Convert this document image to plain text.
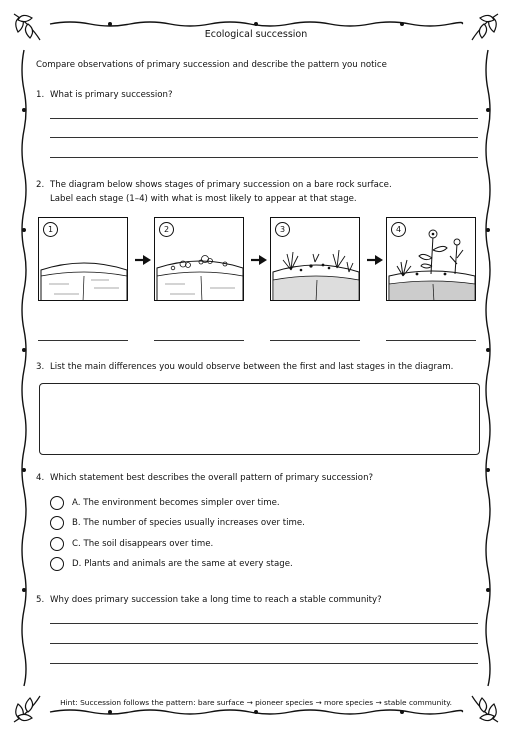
Ecological succession
Compare observations of primary succession and describe the pattern you notice
1. What is primary succession?
2. The diagram below shows stages of primary succession on a bare rock surface.
Label each stage (1–4) with what is most likely to appear at that stage.
1	2	3	4
3. List the main differences you would observe between the first and last stages in the diagram.
4. Which statement best describes the overall pattern of primary succession?
A. The environment becomes simpler over time.
B. The number of species usually increases over time.
C. The soil disappears over time.
D. Plants and animals are the same at every stage.
5. Why does primary succession take a long time to reach a stable community?
Hint: Succession follows the pattern: bare surface → pioneer species → more species → stable community.
